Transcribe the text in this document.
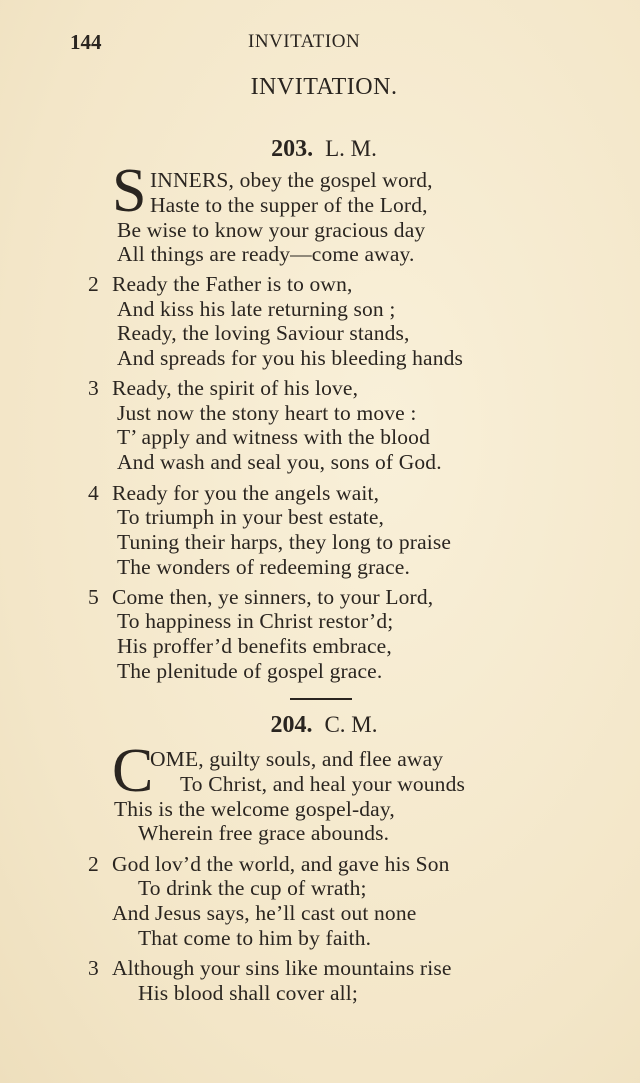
144	INVITATION
INVITATION.
203. L. M.
S INNERS, obey the gospel word,
Haste to the supper of the Lord,
Be wise to know your gracious day
All things are ready—come away.
2 Ready the Father is to own,
And kiss his late returning son ;
Ready, the loving Saviour stands,
And spreads for you his bleeding hands
3 Ready, the spirit of his love,
Just now the stony heart to move :
T’ apply and witness with the blood
And wash and seal you, sons of God.
4 Ready for you the angels wait,
To triumph in your best estate,
Tuning their harps, they long to praise
The wonders of redeeming grace.
5 Come then, ye sinners, to your Lord,
To happiness in Christ restor’d;
His proffer’d benefits embrace,
The plenitude of gospel grace.
204. C. M.
C
OME, guilty souls, and flee away
To Christ, and heal your wounds
This is the welcome gospel-day,
Wherein free grace abounds.
2 God lov’d the world, and gave his Son
To drink the cup of wrath;
And Jesus says, he’ll cast out none
That come to him by faith.
3 Although your sins like mountains rise
His blood shall cover all;
